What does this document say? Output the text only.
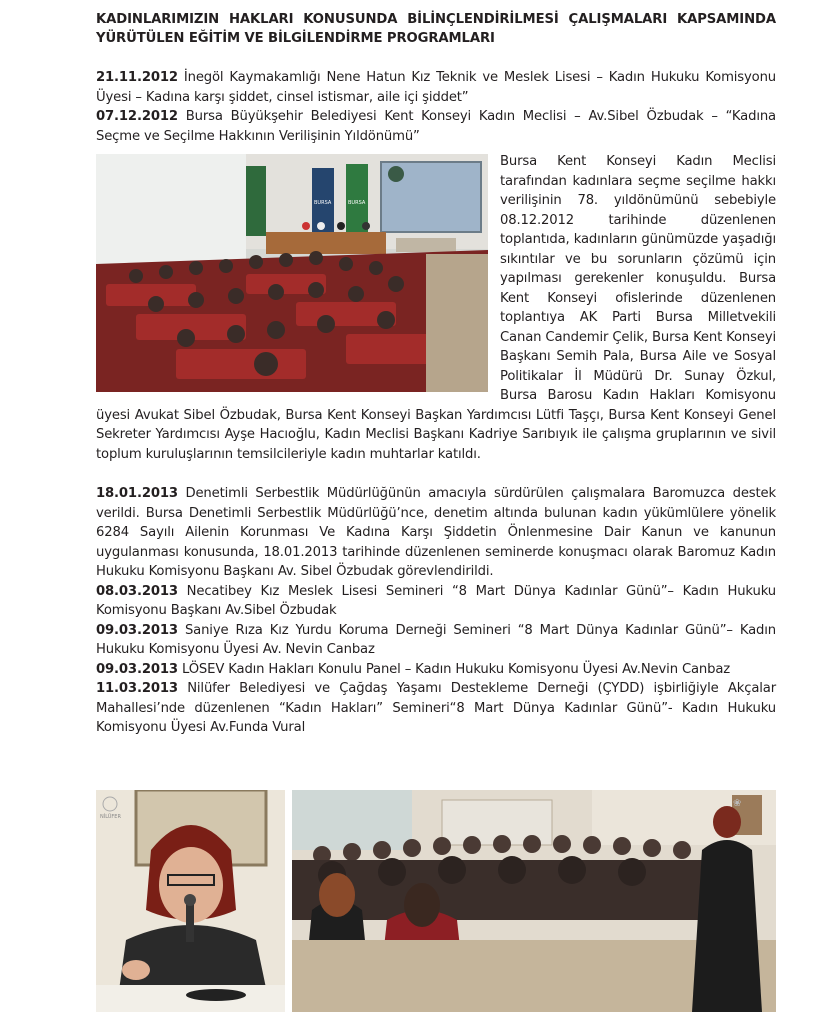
KADINLARIMIZIN HAKLARI KONUSUNDA BİLİNÇLENDİRİLMESİ ÇALIŞMALARI KAPSAMINDA YÜRÜTÜLEN EĞİTİM VE BİLGİLENDİRME PROGRAMLARI

21.11.2012 İnegöl Kaymakamlığı Nene Hatun Kız Teknik ve Meslek Lisesi – Kadın Hukuku Komisyonu Üyesi – Kadına karşı şiddet, cinsel istismar, aile içi şiddet”

07.12.2012 Bursa Büyükşehir Belediyesi Kent Konseyi Kadın Meclisi – Av.Sibel Özbudak – “Kadına Seçme ve Seçilme Hakkının Verilişinin Yıldönümü”

BURSA	BURSA

Bursa Kent Konseyi Kadın Meclisi tarafından kadınlara seçme seçilme hakkı verilişinin 78. yıldönümünü sebebiyle 08.12.2012 tarihinde düzenlenen toplantıda, kadınların günümüzde yaşadığı sıkıntılar ve bu sorunların çözümü için yapılması gerekenler konuşuldu. Bursa Kent Konseyi ofislerinde düzenlenen toplantıya AK Parti Bursa Milletvekili Canan Candemir Çelik, Bursa Kent Konseyi Başkanı Semih Pala, Bursa Aile ve Sosyal Politikalar İl Müdürü Dr. Sunay Özkul, Bursa Barosu Kadın Hakları Komisyonu üyesi Avukat Sibel Özbudak, Bursa Kent Konseyi Başkan Yardımcısı Lütfi Taşçı, Bursa Kent Konseyi Genel Sekreter Yardımcısı Ayşe Hacıoğlu, Kadın Meclisi Başkanı Kadriye Sarıbıyık ile çalışma gruplarının ve sivil toplum kuruluşlarının temsilcileriyle kadın muhtarlar katıldı.

18.01.2013 Denetimli Serbestlik Müdürlüğünün amacıyla sürdürülen çalışmalara Baromuzca destek verildi. Bursa Denetimli Serbestlik Müdürlüğü’nce, denetim altında bulunan kadın yükümlülere yönelik 6284 Sayılı Ailenin Korunması Ve Kadına Karşı Şiddetin Önlenmesine Dair Kanun ve kanunun uygulanması konusunda, 18.01.2013 tarihinde düzenlenen seminerde konuşmacı olarak Baromuz Kadın Hukuku Komisyonu Başkanı Av. Sibel Özbudak görevlendirildi.

08.03.2013 Necatibey Kız Meslek Lisesi Semineri “8 Mart Dünya Kadınlar Günü”– Kadın Hukuku Komisyonu Başkanı Av.Sibel Özbudak

09.03.2013 Saniye Rıza Kız Yurdu Koruma Derneği Semineri “8 Mart Dünya Kadınlar Günü”– Kadın Hukuku Komisyonu Üyesi Av. Nevin Canbaz

09.03.2013 LÖSEV Kadın Hakları Konulu Panel – Kadın Hukuku Komisyonu Üyesi Av.Nevin Canbaz

11.03.2013 Nilüfer Belediyesi ve Çağdaş Yaşamı Destekleme Derneği (ÇYDD) işbirliğiyle Akçalar Mahallesi’nde düzenlenen “Kadın Hakları” Semineri“8 Mart Dünya Kadınlar Günü”- Kadın Hukuku Komisyonu Üyesi Av.Funda Vural

NİLÜFER
❀
